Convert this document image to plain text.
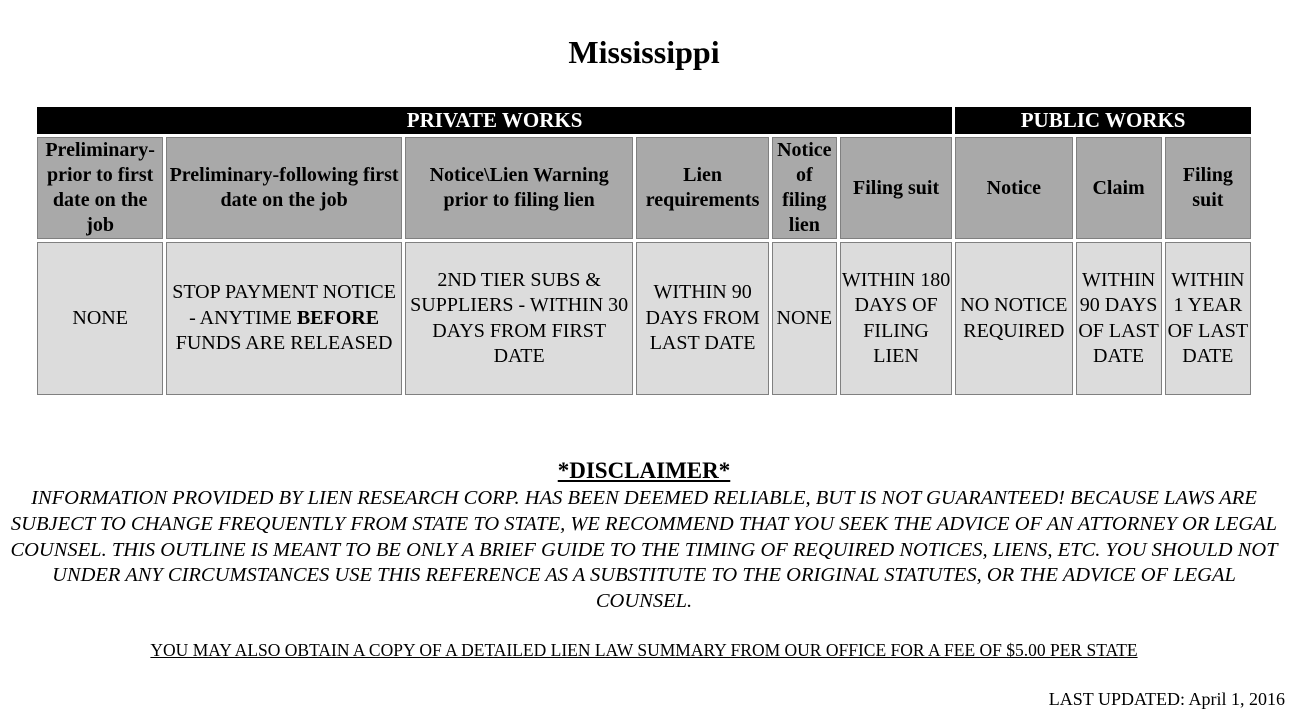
Mississippi
PRIVATE WORKS						PUBLIC WORKS		
Preliminary-prior to first date on the job	Preliminary-following first date on the job	Notice\Lien Warning prior to filing lien	Lien requirements	Notice of filing lien	Filing suit	Notice	Claim	Filing suit
NONE	STOP PAYMENT NOTICE - ANYTIME BEFORE FUNDS ARE RELEASED	2ND TIER SUBS & SUPPLIERS - WITHIN 30 DAYS FROM FIRST DATE	WITHIN 90 DAYS FROM LAST DATE	NONE	WITHIN 180 DAYS OF FILING LIEN	NO NOTICE REQUIRED	WITHIN 90 DAYS OF LAST DATE	WITHIN 1 YEAR OF LAST DATE
*DISCLAIMER*

INFORMATION PROVIDED BY LIEN RESEARCH CORP. HAS BEEN DEEMED RELIABLE, BUT IS NOT GUARANTEED! BECAUSE LAWS ARE SUBJECT TO CHANGE FREQUENTLY FROM STATE TO STATE, WE RECOMMEND THAT YOU SEEK THE ADVICE OF AN ATTORNEY OR LEGAL COUNSEL. THIS OUTLINE IS MEANT TO BE ONLY A BRIEF GUIDE TO THE TIMING OF REQUIRED NOTICES, LIENS, ETC. YOU SHOULD NOT UNDER ANY CIRCUMSTANCES USE THIS REFERENCE AS A SUBSTITUTE TO THE ORIGINAL STATUTES, OR THE ADVICE OF LEGAL COUNSEL.

YOU MAY ALSO OBTAIN A COPY OF A DETAILED LIEN LAW SUMMARY FROM OUR OFFICE FOR A FEE OF $5.00 PER STATE
LAST UPDATED: April 1, 2016
